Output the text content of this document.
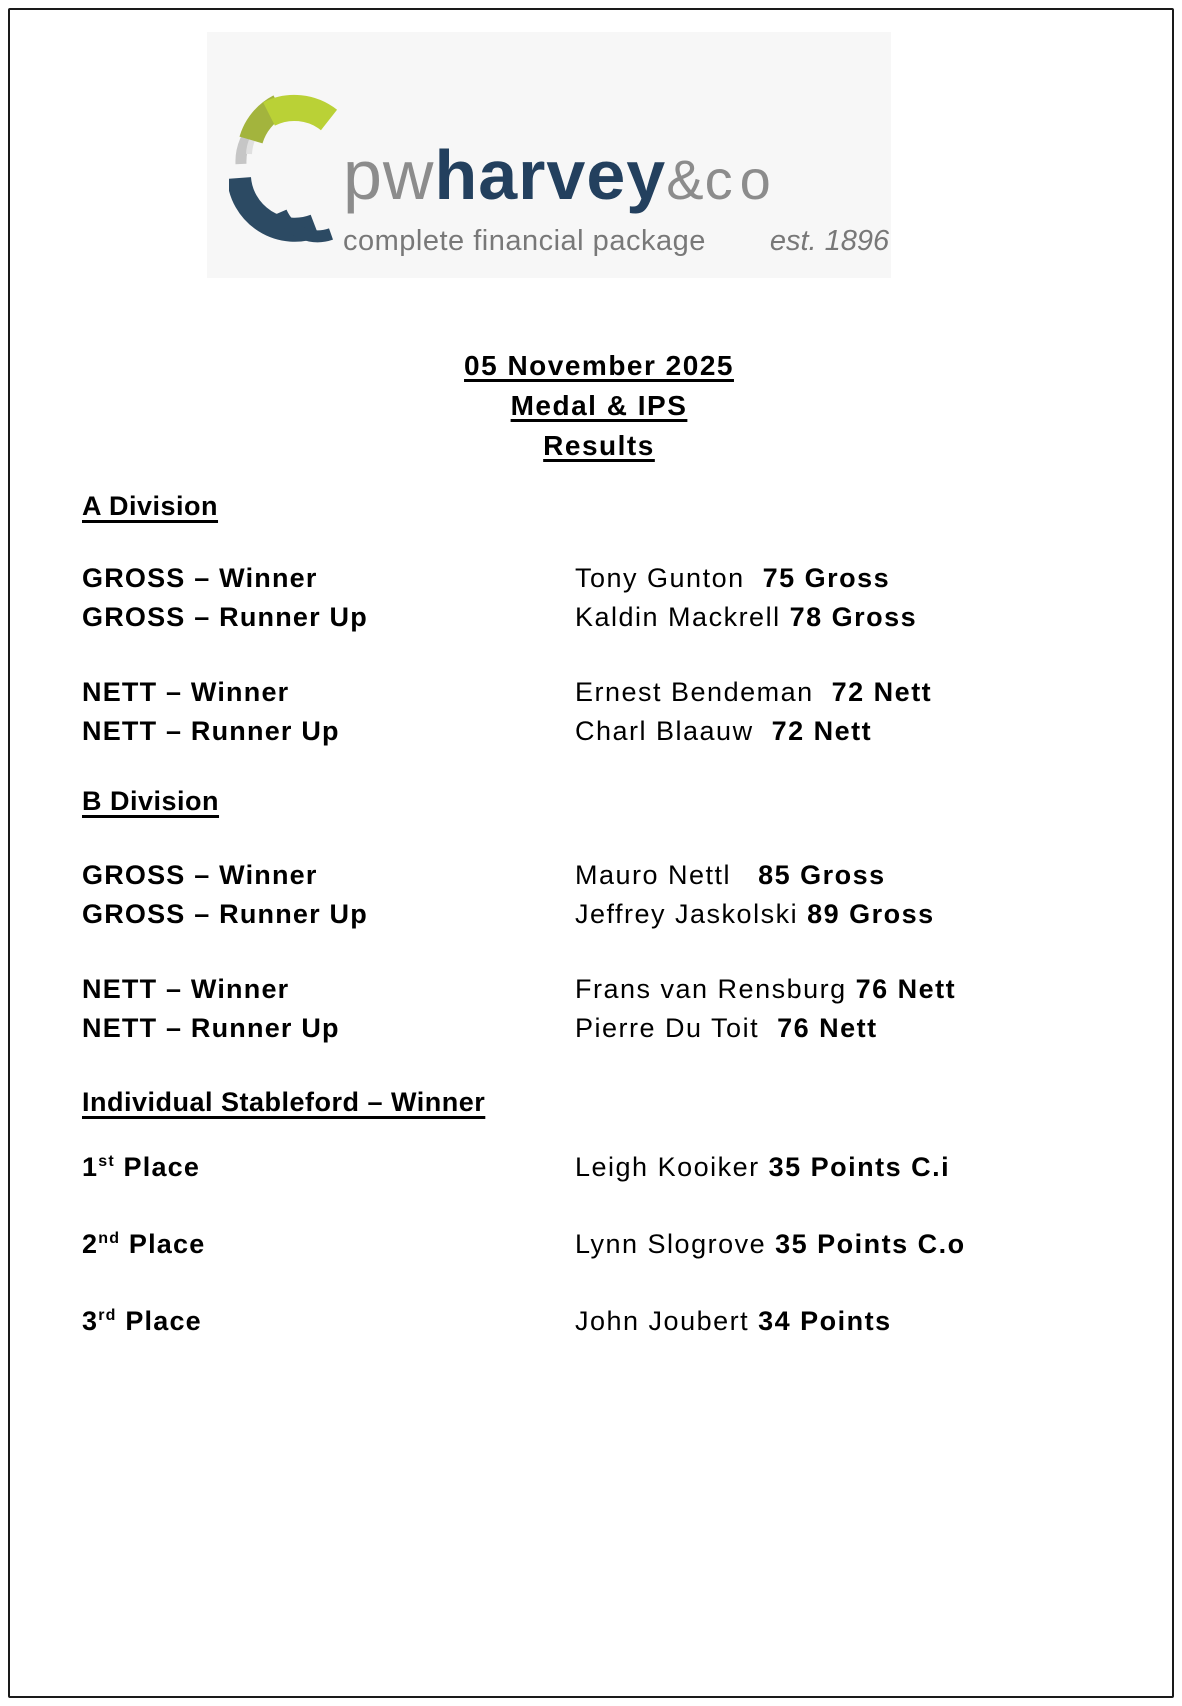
pwharvey&co
complete financial package est. 1896
05 November 2025
Medal & IPS
Results
A Division
GROSS – Winner	Tony Gunton  75 Gross
GROSS – Runner Up	Kaldin Mackrell 78 Gross
NETT – Winner	Ernest Bendeman  72 Nett
NETT – Runner Up	Charl Blaauw  72 Nett
B Division
GROSS – Winner	Mauro Nettl   85 Gross
GROSS – Runner Up	Jeffrey Jaskolski 89 Gross
NETT – Winner	Frans van Rensburg 76 Nett
NETT – Runner Up	Pierre Du Toit  76 Nett
Individual Stableford – Winner
1st Place	Leigh Kooiker 35 Points C.i
2nd Place	Lynn Slogrove 35 Points C.o
3rd Place	John Joubert 34 Points
